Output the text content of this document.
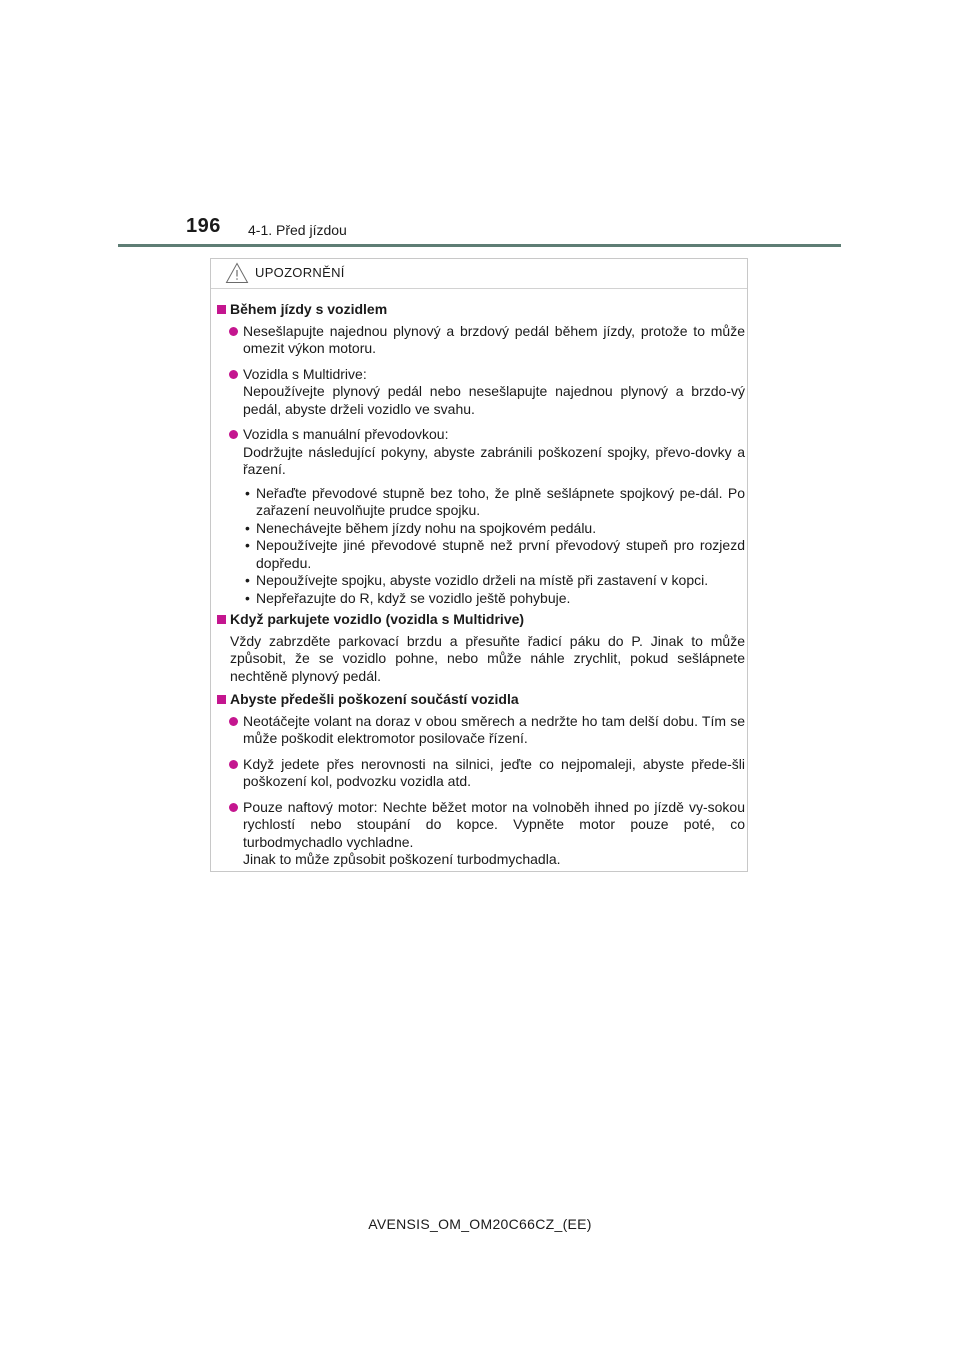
196 4-1. Před jízdou
UPOZORNĚNÍ

Během jízdy s vozidlem

Nesešlapujte najednou plynový a brzdový pedál během jízdy, protože to může omezit výkon motoru.

Vozidla s Multidrive:
Nepoužívejte plynový pedál nebo nesešlapujte najednou plynový a brzdo-vý pedál, abyste drželi vozidlo ve svahu.

Vozidla s manuální převodovkou:
Dodržujte následující pokyny, abyste zabránili poškození spojky, převo-dovky a řazení.

• Neřaďte převodové stupně bez toho, že plně sešlápnete spojkový pe-dál. Po zařazení neuvolňujte prudce spojku.

• Nenechávejte během jízdy nohu na spojkovém pedálu.

• Nepoužívejte jiné převodové stupně než první převodový stupeň pro rozjezd dopředu.

• Nepoužívejte spojku, abyste vozidlo drželi na místě při zastavení v kopci.

• Nepřeřazujte do R, když se vozidlo ještě pohybuje.

Když parkujete vozidlo (vozidla s Multidrive)

Vždy zabrzděte parkovací brzdu a přesuňte řadicí páku do P. Jinak to může způsobit, že se vozidlo pohne, nebo může náhle zrychlit, pokud sešlápnete nechtěně plynový pedál.

Abyste předešli poškození součástí vozidla

Neotáčejte volant na doraz v obou směrech a nedržte ho tam delší dobu. Tím se může poškodit elektromotor posilovače řízení.

Když jedete přes nerovnosti na silnici, jeďte co nejpomaleji, abyste přede-šli poškození kol, podvozku vozidla atd.

Pouze naftový motor: Nechte běžet motor na volnoběh ihned po jízdě vy-sokou rychlostí nebo stoupání do kopce. Vypněte motor pouze poté, co turbodmychadlo vychladne.
Jinak to může způsobit poškození turbodmychadla.

AVENSIS_OM_OM20C66CZ_(EE)
